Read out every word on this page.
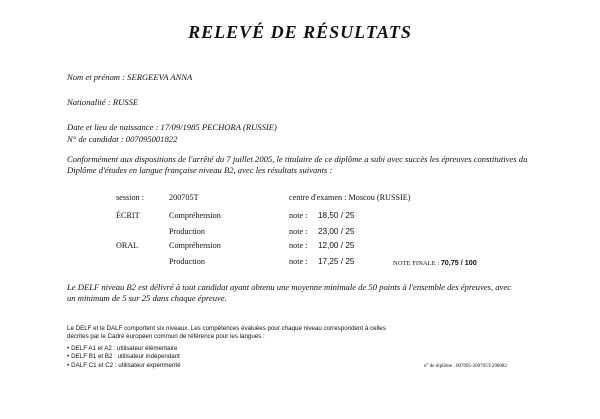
RELEVÉ DE RÉSULTATS
Nom et prénom : SERGEEVA ANNA
Nationalité : RUSSE
Date et lieu de naissance : 17/09/1985 PECHORA (RUSSIE)
N° de candidat : 007095001822
Conformément aux dispositions de l'arrêté du 7 juillet 2005, le titulaire de ce diplôme a subi avec succès les épreuves constitutives du Diplôme d'études en langue française niveau B2, avec les résultats suivants :
session :	200705T	centre d'examen : Moscou (RUSSIE)
ÉCRIT	Compréhension	note : 18,50 / 25
Production	note : 23,00 / 25
ORAL	Compréhension	note : 12,00 / 25
Production	note : 17,25 / 25	NOTE FINALE : 70,75 / 100
Le DELF niveau B2 est délivré à tout candidat ayant obtenu une moyenne minimale de 50 points à l'ensemble des épreuves, avec un minimum de 5 sur 25 dans chaque épreuve.
Le DELF et le DALF comportent six niveaux. Les compétences évaluées pour chaque niveau correspondent à celles décrites par le Cadre européen commun de référence pour les langues :
• DELF A1 et A2 : utilisateur élémentaire
• DELF B1 et B2 : utilisateur indépendant
• DALF C1 et C2 : utilisateur expérimenté	n° de diplôme : 007095-200705T-290082
